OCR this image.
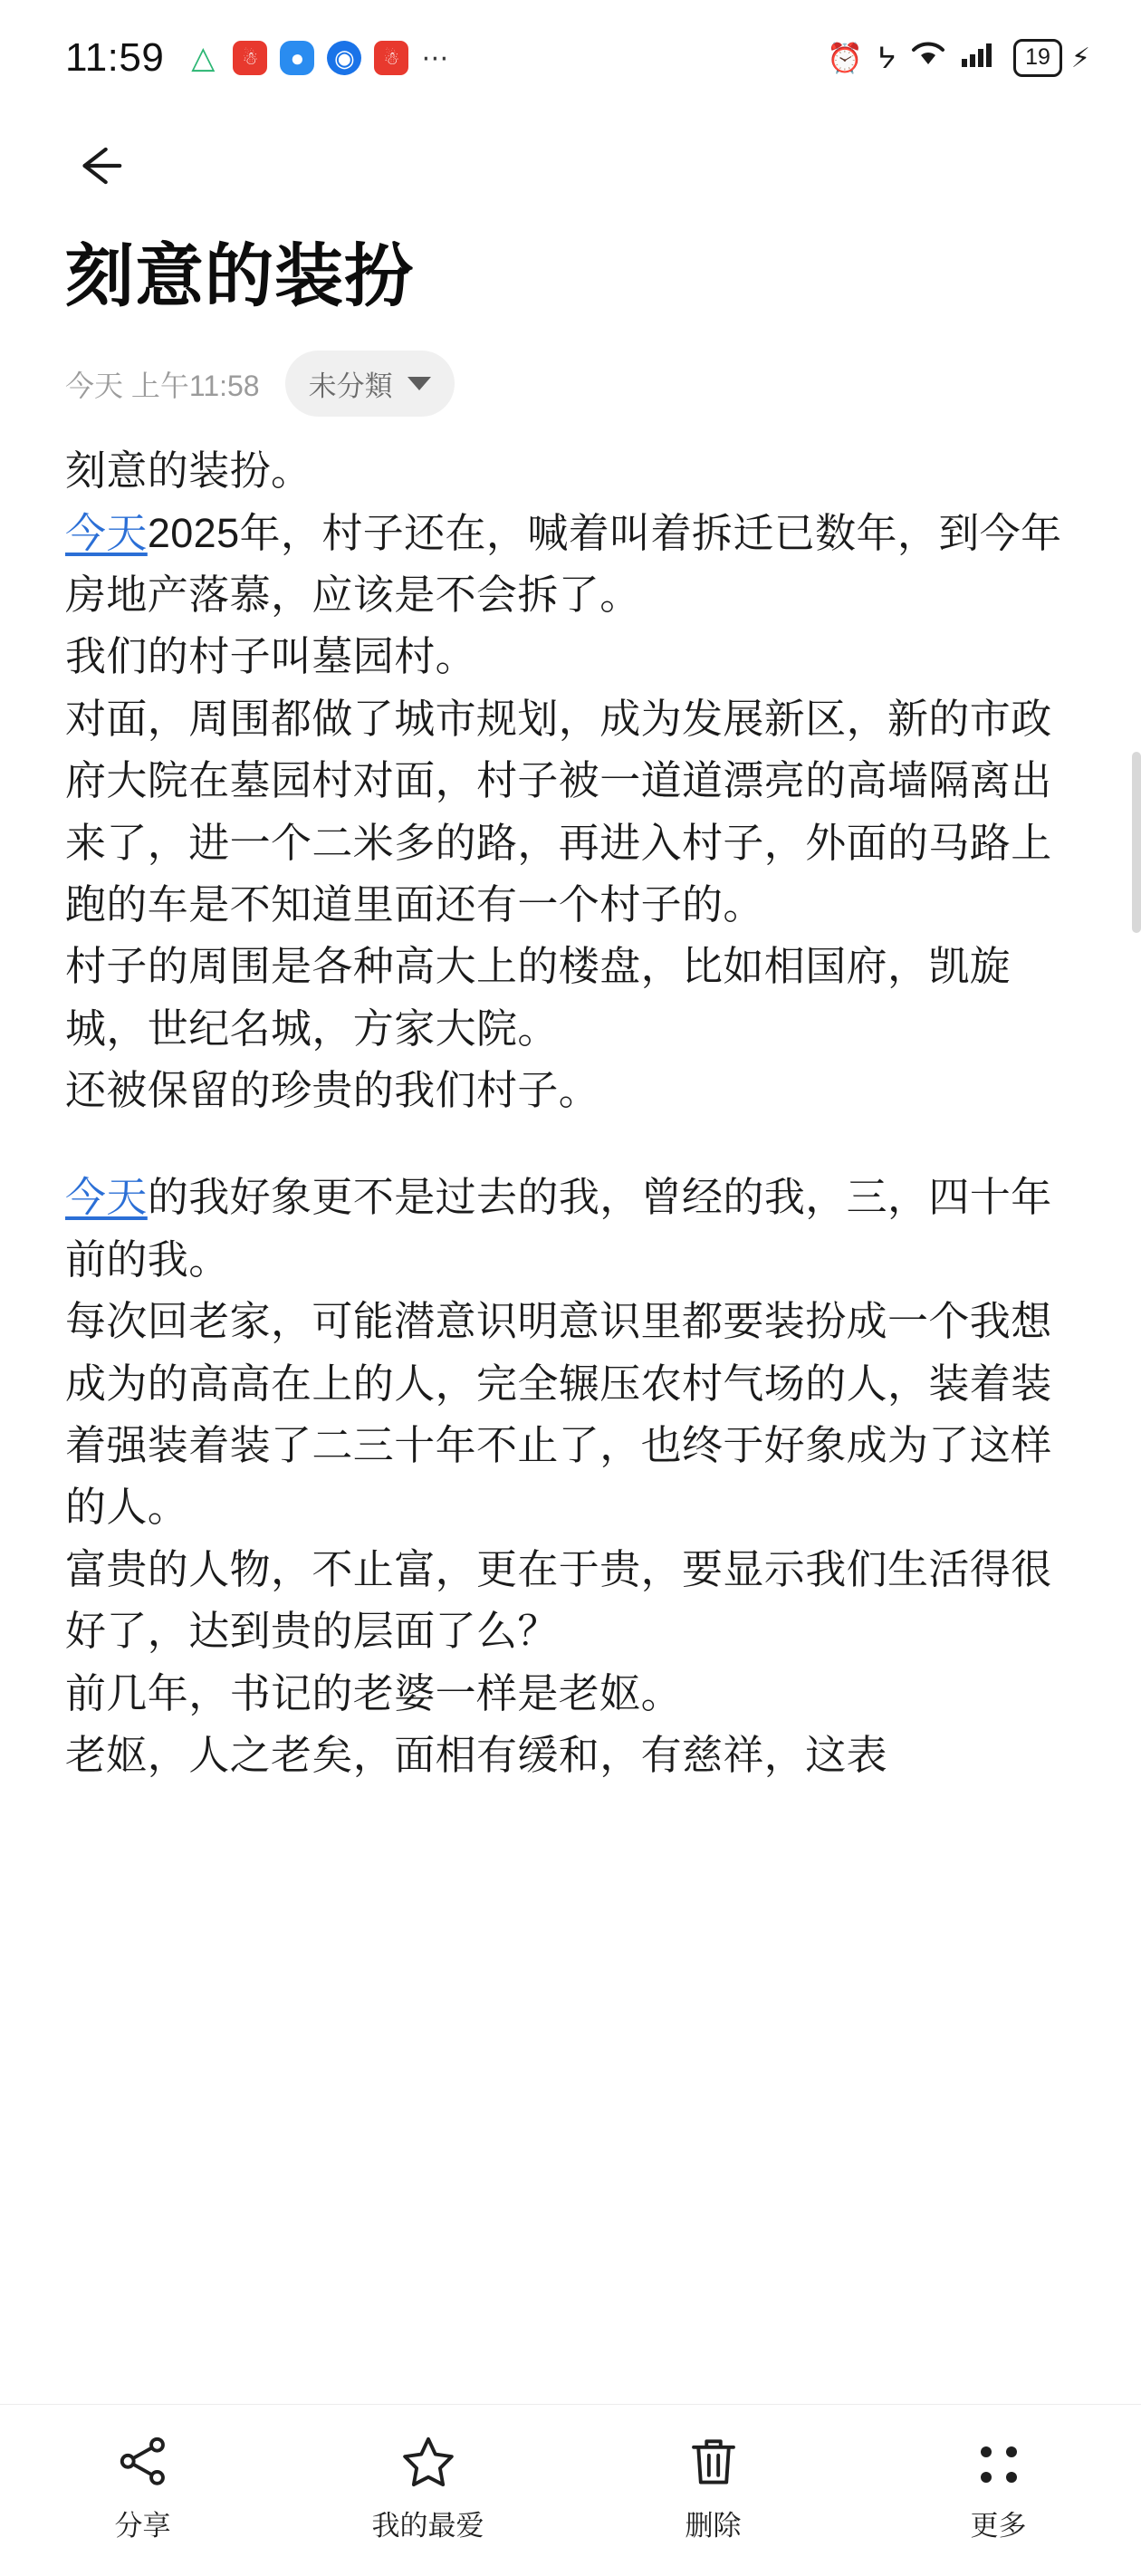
11:59 △	☃	●	◉	☃ ⋯	⏰ ᔭ	19 ⚡
刻意的装扮
今天 上午11:58 未分類

刻意的装扮。

今天2025年，村子还在，喊着叫着拆迁已数年，到今年房地产落慕，应该是不会拆了。

我们的村子叫墓园村。

对面，周围都做了城市规划，成为发展新区，新的市政府大院在墓园村对面，村子被一道道漂亮的高墙隔离出来了，进一个二米多的路，再进入村子，外面的马路上跑的车是不知道里面还有一个村子的。

村子的周围是各种高大上的楼盘，比如相国府，凯旋城，世纪名城，方家大院。

还被保留的珍贵的我们村子。

今天的我好象更不是过去的我，曾经的我，三，四十年前的我。

每次回老家，可能潜意识明意识里都要装扮成一个我想成为的高高在上的人，完全辗压农村气场的人，装着装着强装着装了二三十年不止了，也终于好象成为了这样的人。

富贵的人物，不止富，更在于贵，要显示我们生活得很好了，达到贵的层面了么？

前几年，书记的老婆一样是老妪。

老妪，人之老矣，面相有缓和，有慈祥，这表

分享	我的最爱	删除	更多
